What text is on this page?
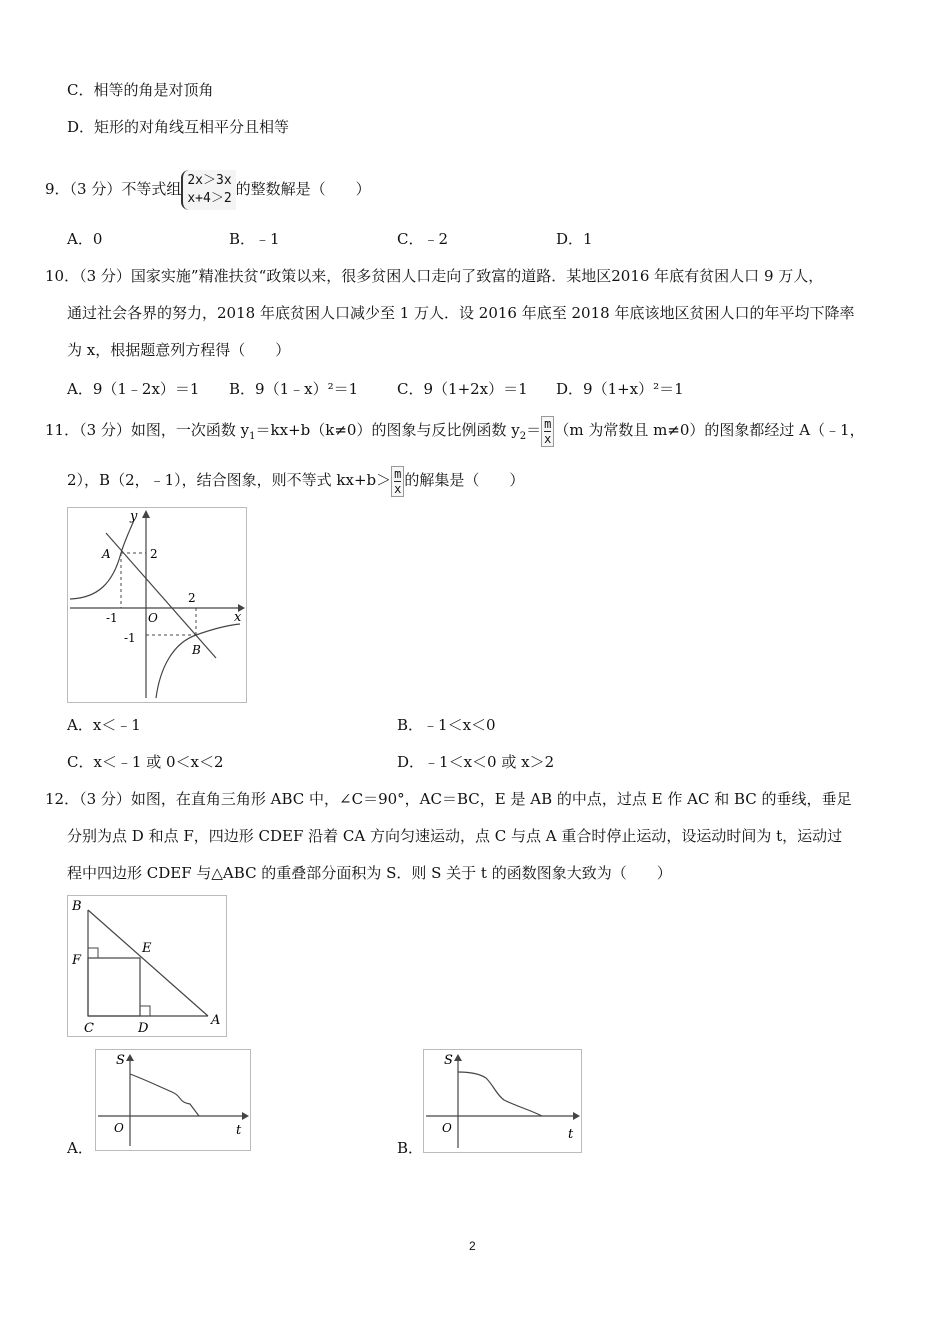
C．相等的角是对顶角
D．矩形的对角线互相平分且相等
9．（3 分）不等式组 2x＞3x
x+4＞2
的整数解是（　　）
A．0	B．﹣1	C．﹣2	D．1
10．（3 分）国家实施”精准扶贫“政策以来，很多贫困人口走向了致富的道路．某地区2016 年底有贫困人口 9 万人，
通过社会各界的努力，2018 年底贫困人口减少至 1 万人．设 2016 年底至 2018 年底该地区贫困人口的年平均下降率
为 x，根据题意列方程得（　　）
A．9（1﹣2x）＝1 B．9（1﹣x）²＝1	C．9（1+2x）＝1 D．9（1+x）²＝1
11．（3 分）如图，一次函数 $y_1=kx+b(k\ne 0)$的图象与反比例函数 $y_2= \frac{m}{x} (m$ 为常数且 m≠0）的图象都经过 A（﹣1，
2），B（2，﹣1），结合图象，则不等式 $kx+b> \frac{m}{x}$ 的解集是（　　）
y
x
O
A
B
2
2
-1
-1
A．x＜﹣1	B．﹣1＜x＜0
C．x＜﹣1 或 0＜x＜2	D．﹣1＜x＜0 或 x＞2
12．（3 分）如图，在直角三角形 ABC 中，∠C＝90°，AC＝BC，E 是 AB 的中点，过点 E 作 AC 和 BC 的垂线，垂足
分别为点 D 和点 F，四边形 CDEF 沿着 CA 方向匀速运动，点 C 与点 A 重合时停止运动，设运动时间为 t，运动过
程中四边形 CDEF 与△ABC 的重叠部分面积为 S．则 S 关于 t 的函数图象大致为（　　）
B
E
F
C	D
A
A．
S
O	t
B．
S
O	t
2
